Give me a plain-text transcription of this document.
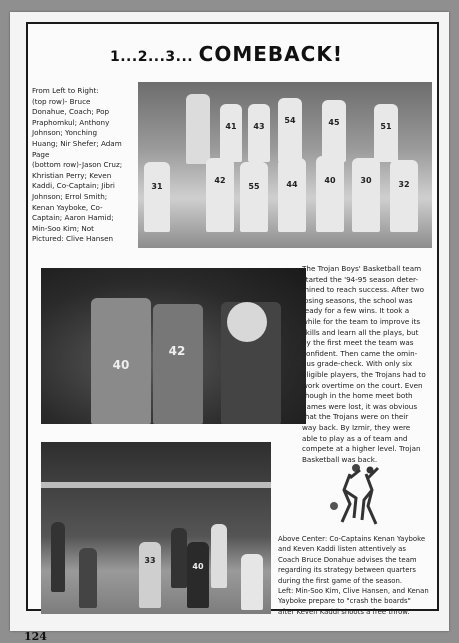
1...2...3... COMEBACK!
41	43
54	45	51
31
42
55	44	40	30	32
From Left to Right:
(top row)- Bruce
Donahue, Coach; Pop
Praphomkul; Anthony
Johnson; Yonching
Huang; Nir Shefer; Adam
Page
(bottom row)-Jason Cruz;
Khristian Perry; Keven
Kaddi, Co-Captain; Jibri
Johnson; Errol Smith;
Kenan Yayboke, Co-
Captain; Aaron Hamid;
Min-Soo Kim; Not
Pictured: Clive Hansen
40
42
The Trojan Boys' Basketball team
started the '94-95 season deter-
mined to reach success. After two
losing seasons, the school was
ready for a few wins. It took a
while for the team to improve its
skills and learn all the plays, but
by the first meet the team was
confident. Then came the omin-
ous grade-check. With only six
eligible players, the Trojans had to
work overtime on the court. Even
though in the home meet both
games were lost, it was obvious
that the Trojans were on their
way back. By Izmir, they were
able to play as a of team and
compete at a higher level. Trojan
Basketball was back.
33
40
Above Center: Co-Captains Kenan Yayboke
and Keven Kaddi listen attentively as
Coach Bruce Donahue advises the team
regarding its strategy between quarters
during the first game of the season.
Left: Min-Soo Kim, Clive Hansen, and Kenan
Yayboke prepare to "crash the boards"
after Keven Kaddi shoots a free throw.
124
